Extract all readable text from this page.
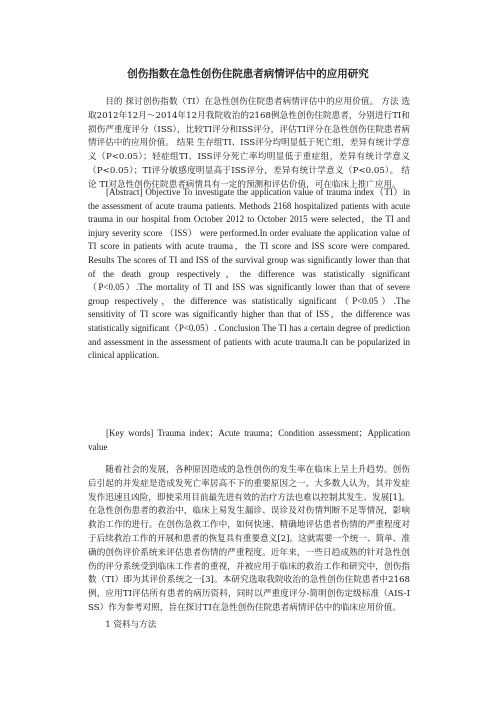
创伤指数在急性创伤住院患者病情评估中的应用研究

目的 探讨创伤指数（TI）在急性创伤住院患者病情评估中的应用价值。 方法 选取2012年12月～2014年12月我院收治的2168例急性创伤住院患者，分别进行TI和损伤严重度评分（ISS），比较TI评分和ISS评分，评估TI评分在急性创伤住院患者病情评估中的应用价值。 结果 生存组TI、ISS评分均明显低于死亡组，差异有统计学意义（P<0.05）；轻症组TI、ISS评分死亡率均明显低于重症组，差异有统计学意义（P<0.05）；TI评分敏感度明显高于ISS评分，差异有统计学意义（P<0.05）。 结论 TI对急性创伤住院患者病情具有一定的预测和评估价值，可在临床上推广应用。

[Abstract] Objective To investigate the application value of trauma index（TI）in the assessment of acute trauma patients. Methods 2168 hospitalized patients with acute trauma in our hospital from October 2012 to October 2015 were selected，the TI and injury severity score （ISS） were performed.In order evaluate the application value of TI score in patients with acute trauma，the TI score and ISS score were compared. Results The scores of TI and ISS of the survival group was significantly lower than that of the death group respectively，the difference was statistically significant（P<0.05）.The mortality of TI and ISS was significantly lower than that of severe group respectively，the difference was statistically significant（P<0.05）.The sensitivity of TI score was significantly higher than that of ISS，the difference was statistically significant（P<0.05）. Conclusion The TI has a certain degree of prediction and assessment in the assessment of patients with acute trauma.It can be popularized in clinical application.

[Key words] Trauma index；Acute trauma；Condition assessment；Application value

随着社会的发展，各种原因造成的急性创伤的发生率在临床上呈上升趋势。创伤后引起的并发症是造成发死亡率居高不下的重要原因之一。大多数人认为，其并发症发作迅速且凶险，即使采用目前最先进有效的治疗方法也难以控制其发生、发展[1]。在急性创伤患者的救治中，临床上易发生漏诊、误诊及对伤情判断不足等情况，影响救治工作的进行。在创伤急救工作中，如何快速、精确地评估患者伤情的严重程度对于后续救治工作的开展和患者的恢复具有重要意义[2]。这就需要一个统一、简单、准确的创伤评价系统来评估患者伤情的严重程度。近年来，一些日趋成熟的针对急性创伤的评分系统受到临床工作者的重视，并被应用于临床的救治工作和研究中，创伤指数（TI）即为其评价系统之一[3]。本研究选取我院收治的急性创伤住院患者中2168例，应用TI评估所有患者的病历资料，同时以严重度评分-简明创伤定级标准（AIS-ISS）作为参考对照，旨在探讨TI在急性创伤住院患者病情评估中的临床应用价值。

1 资料与方法
